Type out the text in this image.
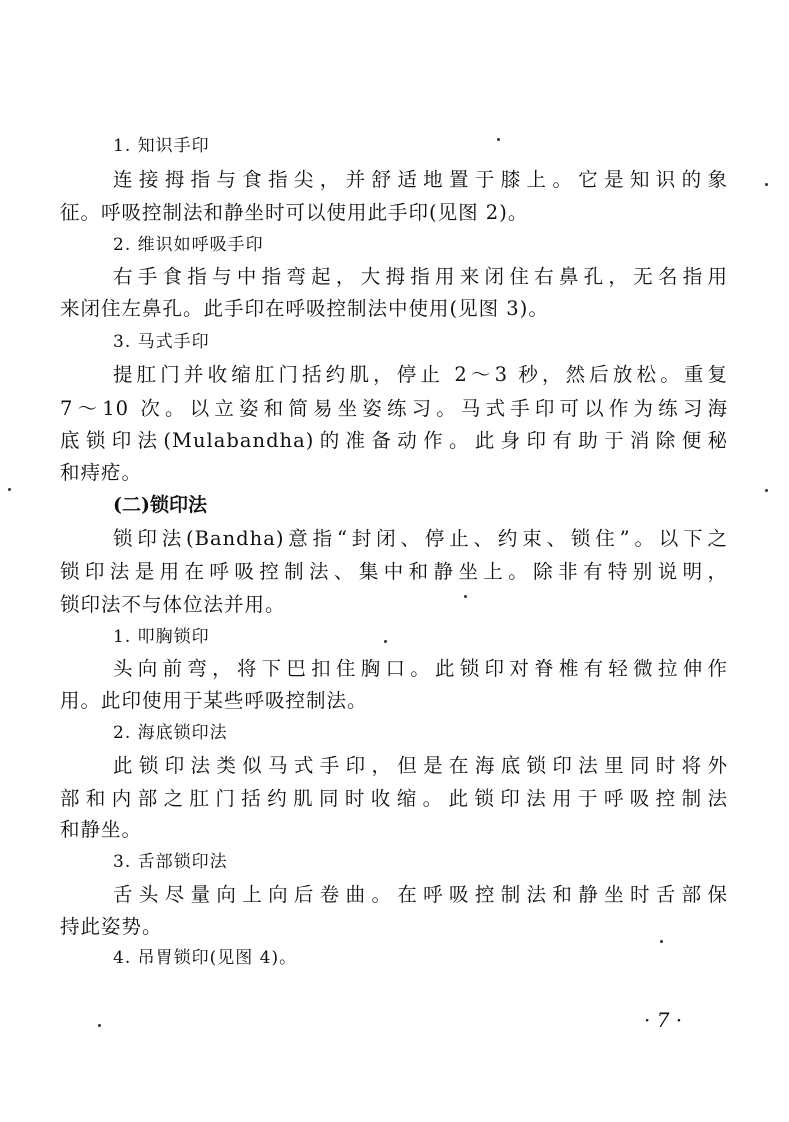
1. 知识手印
连接拇指与食指尖，并舒适地置于膝上。它是知识的象
征。呼吸控制法和静坐时可以使用此手印(见图 2)。
2. 维识如呼吸手印
右手食指与中指弯起，大拇指用来闭住右鼻孔，无名指用
来闭住左鼻孔。此手印在呼吸控制法中使用(见图 3)。
3. 马式手印
提肛门并收缩肛门括约肌，停止 2～3 秒，然后放松。重复
7～10 次。以立姿和简易坐姿练习。马式手印可以作为练习海
底锁印法(Mulabandha)的准备动作。此身印有助于消除便秘
和痔疮。
(二)锁印法
锁印法(Bandha)意指“封闭、停止、约束、锁住”。以下之
锁印法是用在呼吸控制法、集中和静坐上。除非有特别说明，
锁印法不与体位法并用。
1. 叩胸锁印
头向前弯，将下巴扣住胸口。此锁印对脊椎有轻微拉伸作
用。此印使用于某些呼吸控制法。
2. 海底锁印法
此锁印法类似马式手印，但是在海底锁印法里同时将外
部和内部之肛门括约肌同时收缩。此锁印法用于呼吸控制法
和静坐。
3. 舌部锁印法
舌头尽量向上向后卷曲。在呼吸控制法和静坐时舌部保
持此姿势。
4. 吊胃锁印(见图 4)。
· 7 ·
